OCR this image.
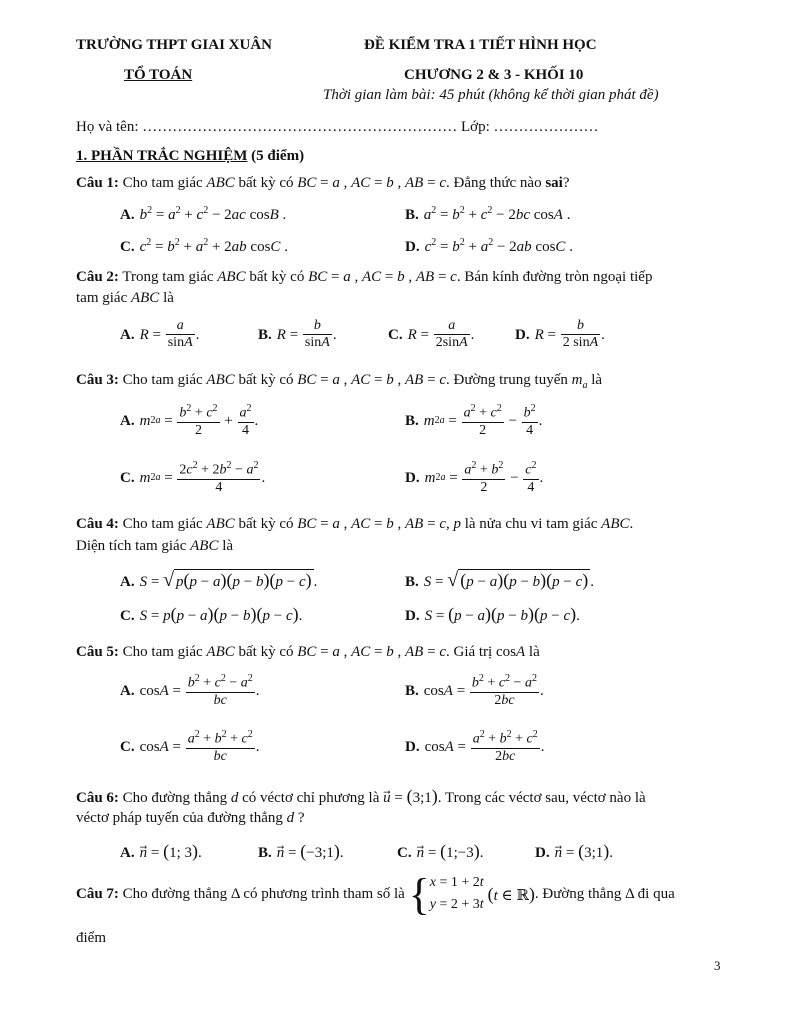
TRƯỜNG THPT GIAI XUÂN	ĐỀ KIỂM TRA 1 TIẾT HÌNH HỌC
TỔ TOÁN	CHƯƠNG 2 & 3 - KHỐI 10
Thời gian làm bài: 45 phút (không kể thời gian phát đề)
Họ và tên: ……………………………………………………… Lớp: …………………
1. PHẦN TRẮC NGHIỆM (5 điểm)
Câu 1: Cho tam giác ABC bất kỳ có BC = a , AC = b , AB = c. Đẳng thức nào sai?
A. $b^2 = a^2 + c^2 - 2ac$ cosB .	B. $a^2 = b^2 + c^2 - 2bc$ cosA .
C. $c^2 = b^2 + a^2 + 2ab$ cosC .	D. $c^2 = b^2 + a^2 - 2ab$ cosC .
Câu 2: Trong tam giác ABC bất kỳ có BC = a , AC = b , AB = c. Bán kính đường tròn ngoại tiếp
tam giác ABC là
A. $R = \frac{a}{\sin A}$ .	B. $R = \frac{b}{\sin A}$ .	C. $R = \frac{a}{2\sin A}$ .	D. $R = \frac{b}{2 \sin A}$ .
Câu 3: Cho tam giác ABC bất kỳ có BC = a , AC = b , AB = c. Đường trung tuyến $m_a$ là
A. m 2 $a = \frac{b^2 + c^2}{2} + \frac{a^2}{4}$ .	B. m 2 $a = \frac{a^2 + c^2}{2} - \frac{b^2}{4}$ .
C. m 2 $a = \frac{2c^2 + 2b^2 - a^2}{4}$ .	D. m 2 $a = \frac{a^2 + b^2}{2} - \frac{c^2}{4}$ .
Câu 4: Cho tam giác ABC bất kỳ có BC = a , AC = b , AB = c, p là nửa chu vi tam giác ABC.
Diện tích tam giác ABC là
A. S = √ p(p − a)(p − b)(p − c) .	B. S = √ (p − a)(p − b)(p − c) .
C. S = p(p − a)(p − b)(p − c).	D. S = (p − a)(p − b)(p − c).
Câu 5: Cho tam giác ABC bất kỳ có BC = a , AC = b , AB = c. Giá trị cosA là
A. $\cos A = \frac{b^2 + c^2 - a^2}{bc}$ .	B. $\cos A = \frac{b^2 + c^2 - a^2}{2bc}$ .
C. $\cos A = \frac{a^2 + b^2 + c^2}{bc}$ .	D. $\cos A = \frac{a^2 + b^2 + c^2}{2bc}$ .
Câu 6: Cho đường thẳng d có véctơ chỉ phương là u⃗ = (3;1). Trong các véctơ sau, véctơ nào là
véctơ pháp tuyến của đường thẳng d ?
A. n⃗ = (1; 3).	B. n⃗ = (−3;1).	C. n⃗ = (1;−3).	D. n⃗ = (3;1).
Câu 7: Cho đường thẳng Δ có phương trình tham số là { x = 1 + 2t
y = 2 + 3t
(t ∈ ℝ) . Đường thẳng Δ đi qua
điểm
3
